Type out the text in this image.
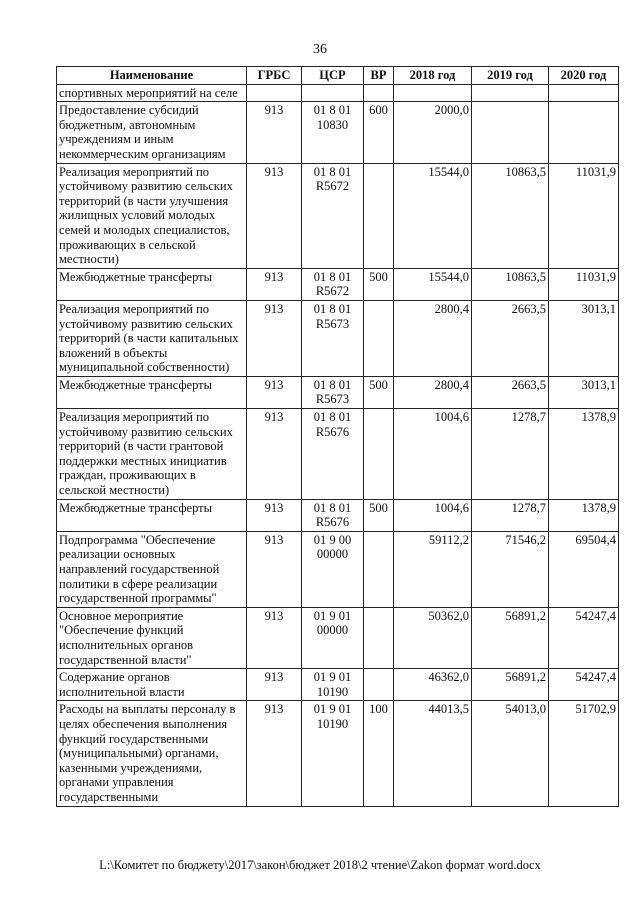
36
Наименование	ГРБС	ЦСР	ВР	2018 год	2019 год	2020 год
спортивных мероприятий на селе						
Предоставление субсидий бюджетным, автономным учреждениям и иным некоммерческим организациям	913	01 8 01 10830	600	2000,0		
Реализация мероприятий по устойчивому развитию сельских территорий (в части улучшения жилищных условий молодых семей и молодых специалистов, проживающих в сельской местности)	913	01 8 01 R5672		15544,0	10863,5	11031,9
Межбюджетные трансферты	913	01 8 01 R5672	500	15544,0	10863,5	11031,9
Реализация мероприятий по устойчивому развитию сельских территорий (в части капитальных вложений в объекты муниципальной собственности)	913	01 8 01 R5673		2800,4	2663,5	3013,1
Межбюджетные трансферты	913	01 8 01 R5673	500	2800,4	2663,5	3013,1
Реализация мероприятий по устойчивому развитию сельских территорий (в части грантовой поддержки местных инициатив граждан, проживающих в сельской местности)	913	01 8 01 R5676		1004,6	1278,7	1378,9
Межбюджетные трансферты	913	01 8 01 R5676	500	1004,6	1278,7	1378,9
Подпрограмма "Обеспечение реализации основных направлений государственной политики в сфере реализации государственной программы"	913	01 9 00 00000		59112,2	71546,2	69504,4
Основное мероприятие "Обеспечение функций исполнительных органов государственной власти"	913	01 9 01 00000		50362,0	56891,2	54247,4
Содержание органов исполнительной власти	913	01 9 01 10190		46362,0	56891,2	54247,4
Расходы на выплаты персоналу в целях обеспечения выполнения функций государственными (муниципальными) органами, казенными учреждениями, органами управления государственными	913	01 9 01 10190	100	44013,5	54013,0	51702,9
L:\Комитет по бюджету\2017\закон\бюджет 2018\2 чтение\Zakon формат word.docx
